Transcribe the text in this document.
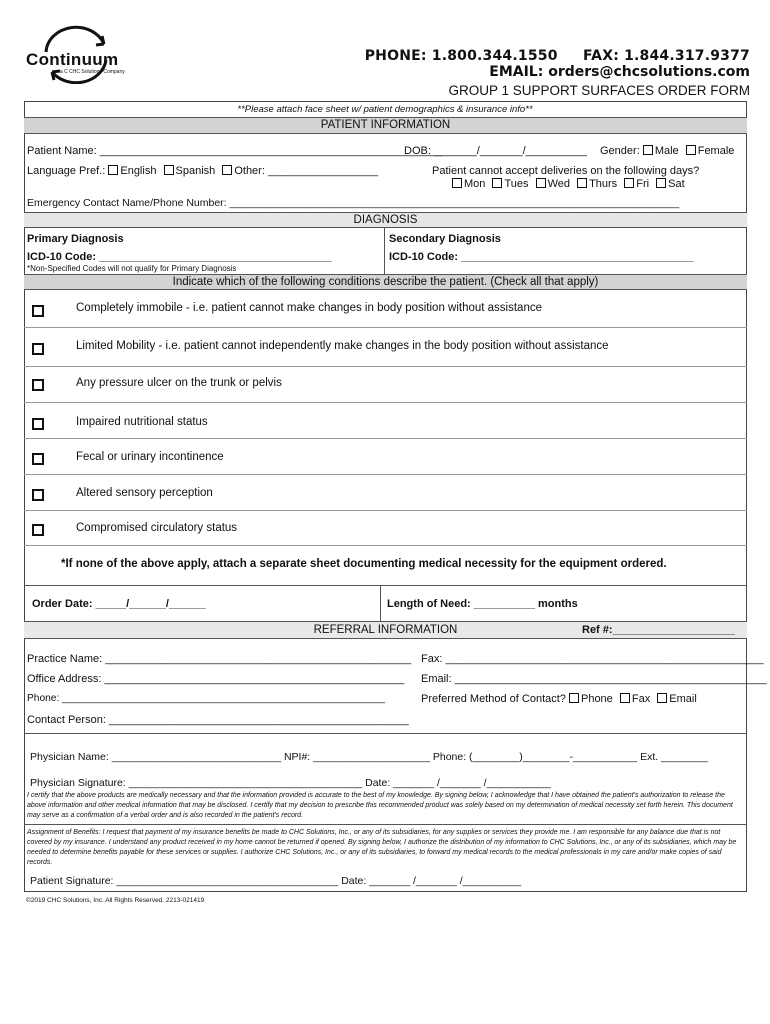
Continuum
a C CHC Solutions Company
PHONE: 1.800.344.1550     FAX: 1.844.317.9377
EMAIL: orders@chcsolutions.com
GROUP 1 SUPPORT SURFACES ORDER FORM
**Please attach face sheet w/ patient demographics & insurance info**
PATIENT INFORMATION
Patient Name: ________________________________________________________
DOB: _______/_______/__________ Gender: Male Female
Language Pref.: English Spanish Other: __________________	Patient cannot accept deliveries on the following days?
Mon Tues Wed Thurs Fri Sat
Emergency Contact Name/Phone Number: _____________________________________________________________________________
DIAGNOSIS
Primary Diagnosis	Secondary Diagnosis
ICD-10 Code: ______________________________________	ICD-10 Code: ______________________________________
*Non-Specified Codes will not qualify for Primary Diagnosis
Indicate which of the following conditions describe the patient. (Check all that apply)
Completely immobile - i.e. patient cannot make changes in body position without assistance
Limited Mobility - i.e. patient cannot independently make changes in the body position without assistance
Any pressure ulcer on the trunk or pelvis
Impaired nutritional status
Fecal or urinary incontinence
Altered sensory perception
Compromised circulatory status
*If none of the above apply, attach a separate sheet documenting medical necessity for the equipment ordered.
Order Date: _____/______/______	Length of Need: __________ months
REFERRAL INFORMATION	Ref #:____________________
Practice Name: __________________________________________________ Fax: ____________________________________________________
Office Address: _________________________________________________ Email: ___________________________________________________
Phone: _________________________________________________________	Preferred Method of Contact? Phone Fax Email
Contact Person: _________________________________________________
Physician Name: _____________________________ NPI#: ____________________ Phone: (________)________-___________ Ext. ________
Physician Signature: ________________________________________ Date: _______ /_______ /___________
I certify that the above products are medically necessary and that the information provided is accurate to the best of my knowledge. By signing below, I acknowledge that I have obtained the patient's authorization to release the above information and other medical information that may be disclosed. I certify that my decision to prescribe this recommended product was solely based on my determination of medical necessity set forth herein. This document may serve as a confirmation of a verbal order and is also recorded in the patient's record.
Assignment of Benefits: I request that payment of my insurance benefits be made to CHC Solutions, Inc., or any of its subsidiaries, for any supplies or services they provide me. I am responsible for any balance due that is not covered by my insurance. I understand any product received in my home cannot be returned if opened. By signing below, I authorize the distribution of my information to CHC Solutions, Inc., or any of its subsidiaries, which may be needed to determine benefits payable for these services or supplies. I authorize CHC Solutions, Inc., or any of its subsidiaries, to forward my medical records to the medical professionals in my care and/or make copies of said records.
Patient Signature: ______________________________________ Date: _______ /_______ /__________
©2019 CHC Solutions, Inc. All Rights Reserved. 2213-021419
